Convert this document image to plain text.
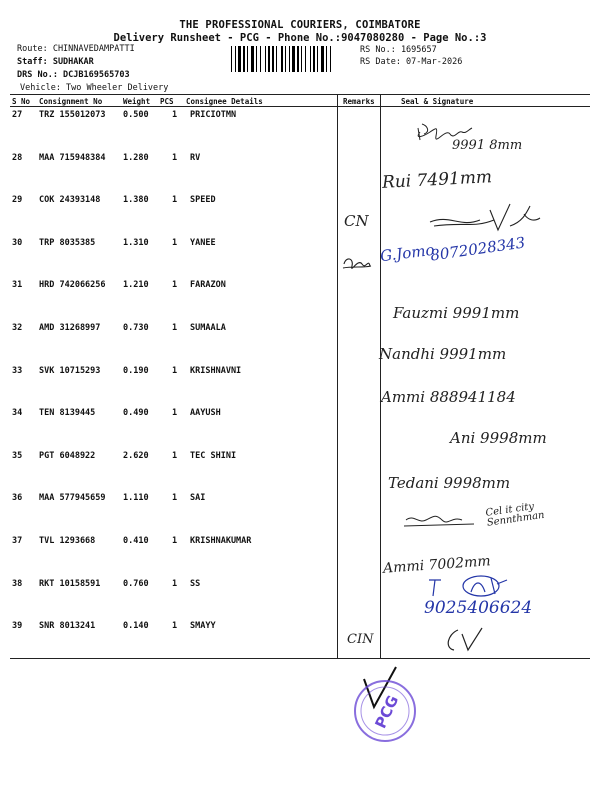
THE PROFESSIONAL COURIERS, COIMBATORE
Delivery Runsheet - PCG - Phone No.:9047080280 - Page No.:3
Route: CHINNAVEDAMPATTI
Staff: SUDHAKAR
DRS No.: DCJB169565703
Vehicle: Two Wheeler Delivery
RS No.: 1695657
RS Date: 07-Mar-2026
S No Consignment No	Weight PCS Consignee Details	Remarks	Seal & Signature
27 TRZ 155012073 0.500	1 PRICIOTMN
28 MAA 715948384 1.280	1 RV
29 COK 24393148	1.380	1 SPEED
30 TRP 8035385	1.310	1 YANEE
31 HRD 742066256 1.210	1 FARAZON
32 AMD 31268997	0.730	1 SUMAALA
33 SVK 10715293	0.190	1 KRISHNAVNI
34 TEN 8139445	0.490	1 AAYUSH
35 PGT 6048922	2.620	1 TEC SHINI
36 MAA 577945659 1.110	1 SAI
37 TVL 1293668	0.410	1 KRISHNAKUMAR
38 RKT 10158591	0.760	1 SS
39 SNR 8013241	0.140	1 SMAYY
9991 8mm
Rui 7491mm
CN
G.Jomo
8072028343
Fauzmi 9991mm
Nandhi 9991mm
Ammi 888941184
Ani 9998mm
Tedani 9998mm
Cel it city Sennthman
Ammi 7002mm
9025406624
CIN
PCG
